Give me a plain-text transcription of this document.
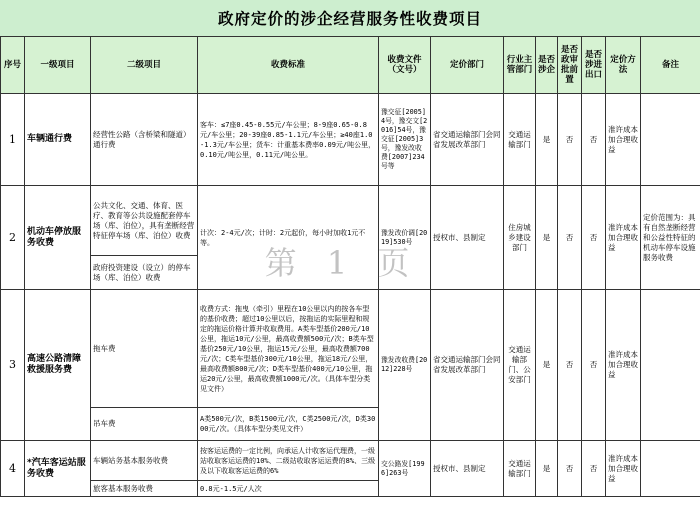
政府定价的涉企经营服务性收费项目
序号	一级项目	二级项目	收费标准	收费文件（文号）	定价部门	行业主管部门	是否涉企	是否政审批前置	是否涉进出口	定价方法	备注
1	车辆通行费	经营性公路（含桥梁和隧道）通行费	客车：≤7座0.45-0.55元/车公里；8-9座0.65-0.8元/车公里；20-39座0.85-1.1元/车公里；≥40座1.0-1.3元/车公里；货车：计重基本费率0.09元/吨公里，0.10元/吨公里，0.11元/吨公里。	豫交征[2005]4号，豫交文[2016]54号，豫交征[2005]3号，豫发改收费[2007]234号等	省交通运输部门会同省发展改革部门	交通运输部门	是	否	否	准许成本加合理收益	
2	机动车停放服务收费	公共文化、交通、体育、医疗、教育等公共设施配套停车场（库、泊位），具有垄断经营特征停车场（库、泊位）收费	计次：2-4元/次；计时：2元起价，每小时加收1元不等。	豫发改价调[2019]530号	授权市、县制定	住房城乡建设部门	是	否	否	准许成本加合理收益	定价范围为：具有自然垄断经营和公益性特征的机动车停车设施服务收费
		政府投资建设（设立）的停车场（库、泊位）收费									
3	高速公路清障救援服务费	拖车费	收费方式：拖曳（牵引）里程在10公里以内的按各车型的基价收费；超过10公里以后，按拖运的实际里程和规定的拖运价格计算并收取费用。A类车型基价200元/10公里，拖运10元/公里，最高收费额500元/次；B类车型基价250元/10公里，拖运15元/公里，最高收费额700元/次；C类车型基价300元/10公里，拖运18元/公里，最高收费额800元/次；D类车型基价400元/10公里，拖运20元/公里，最高收费额1000元/次。（具体车型分类见文件）	豫发改收费[2012]228号	省交通运输部门会同省发展改革部门	交通运输部门、公安部门	是	否	否	准许成本加合理收益	
		吊车费	A类500元/次，B类1500元/次，C类2500元/次，D类3000元/次。（具体车型分类见文件）								
4	*汽车客运站服务收费	车辆站务基本服务收费	按客运运费的一定比例，向承运人计收客运代理费，一级站收取客运运费的10%、二级站收取客运运费的8%、三级及以下收取客运运费的6%	交公路发[1996]263号	授权市、县制定	交通运输部门	是	否	否	准许成本加合理收益	
		旅客基本服务收费	0.8元-1.5元/人次								
第 1 页
